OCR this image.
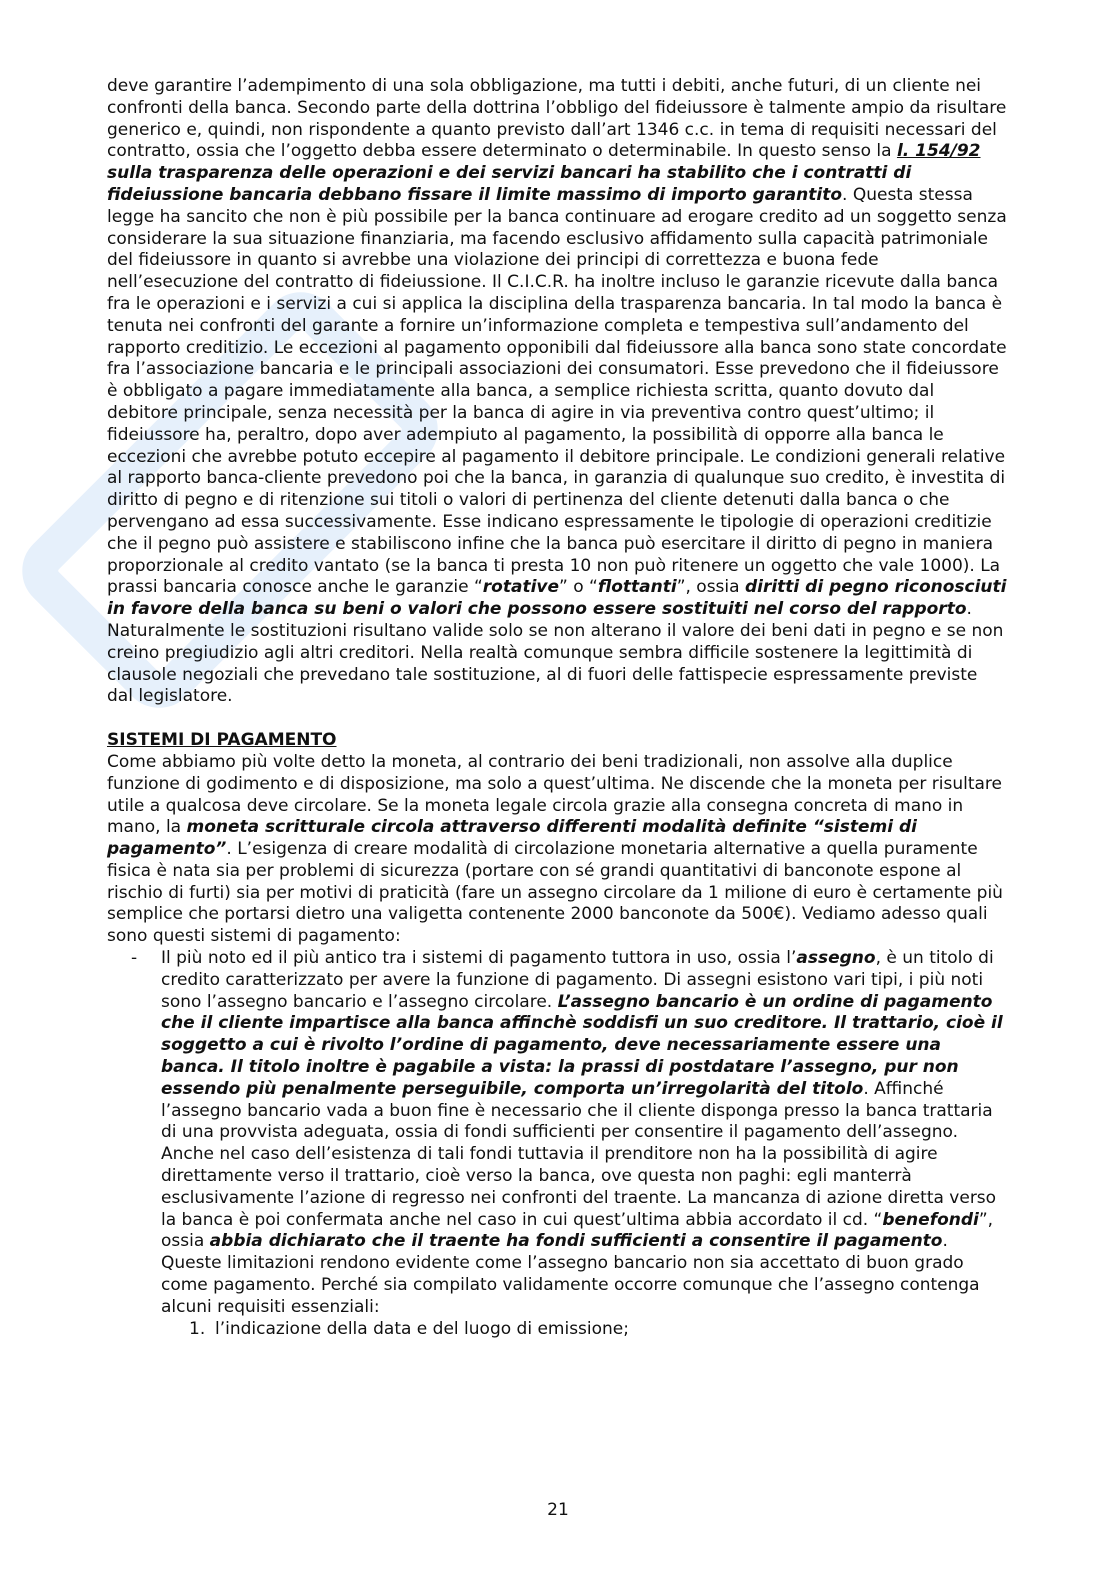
deve garantire l’adempimento di una sola obbligazione, ma tutti i debiti, anche futuri, di un cliente nei confronti della banca. Secondo parte della dottrina l’obbligo del fideiussore è talmente ampio da risultare generico e, quindi, non rispondente a quanto previsto dall’art 1346 c.c. in tema di requisiti necessari del contratto, ossia che l’oggetto debba essere determinato o determinabile. In questo senso la l. 154/92 sulla trasparenza delle operazioni e dei servizi bancari ha stabilito che i contratti di fideiussione bancaria debbano fissare il limite massimo di importo garantito. Questa stessa legge ha sancito che non è più possibile per la banca continuare ad erogare credito ad un soggetto senza considerare la sua situazione finanziaria, ma facendo esclusivo affidamento sulla capacità patrimoniale del fideiussore in quanto si avrebbe una violazione dei principi di correttezza e buona fede nell’esecuzione del contratto di fideiussione. Il C.I.C.R. ha inoltre incluso le garanzie ricevute dalla banca fra le operazioni e i servizi a cui si applica la disciplina della trasparenza bancaria. In tal modo la banca è tenuta nei confronti del garante a fornire un’informazione completa e tempestiva sull’andamento del rapporto creditizio. Le eccezioni al pagamento opponibili dal fideiussore alla banca sono state concordate fra l’associazione bancaria e le principali associazioni dei consumatori. Esse prevedono che il fideiussore è obbligato a pagare immediatamente alla banca, a semplice richiesta scritta, quanto dovuto dal debitore principale, senza necessità per la banca di agire in via preventiva contro quest’ultimo; il fideiussore ha, peraltro, dopo aver adempiuto al pagamento, la possibilità di opporre alla banca le eccezioni che avrebbe potuto eccepire al pagamento il debitore principale. Le condizioni generali relative al rapporto banca-cliente prevedono poi che la banca, in garanzia di qualunque suo credito, è investita di diritto di pegno e di ritenzione sui titoli o valori di pertinenza del cliente detenuti dalla banca o che pervengano ad essa successivamente. Esse indicano espressamente le tipologie di operazioni creditizie che il pegno può assistere e stabiliscono infine che la banca può esercitare il diritto di pegno in maniera proporzionale al credito vantato (se la banca ti presta 10 non può ritenere un oggetto che vale 1000). La prassi bancaria conosce anche le garanzie “rotative” o “flottanti”, ossia diritti di pegno riconosciuti in favore della banca su beni o valori che possono essere sostituiti nel corso del rapporto. Naturalmente le sostituzioni risultano valide solo se non alterano il valore dei beni dati in pegno e se non creino pregiudizio agli altri creditori. Nella realtà comunque sembra difficile sostenere la legittimità di clausole negoziali che prevedano tale sostituzione, al di fuori delle fattispecie espressamente previste dal legislatore.

SISTEMI DI PAGAMENTO

Come abbiamo più volte detto la moneta, al contrario dei beni tradizionali, non assolve alla duplice funzione di godimento e di disposizione, ma solo a quest’ultima. Ne discende che la moneta per risultare utile a qualcosa deve circolare. Se la moneta legale circola grazie alla consegna concreta di mano in mano, la moneta scritturale circola attraverso differenti modalità definite “sistemi di pagamento”. L’esigenza di creare modalità di circolazione monetaria alternative a quella puramente fisica è nata sia per problemi di sicurezza (portare con sé grandi quantitativi di banconote espone al rischio di furti) sia per motivi di praticità (fare un assegno circolare da 1 milione di euro è certamente più semplice che portarsi dietro una valigetta contenente 2000 banconote da 500€). Vediamo adesso quali sono questi sistemi di pagamento:

- Il più noto ed il più antico tra i sistemi di pagamento tuttora in uso, ossia l’assegno, è un titolo di credito caratterizzato per avere la funzione di pagamento. Di assegni esistono vari tipi, i più noti sono l’assegno bancario e l’assegno circolare. L’assegno bancario è un ordine di pagamento che il cliente impartisce alla banca affinchè soddisfi un suo creditore. Il trattario, cioè il soggetto a cui è rivolto l’ordine di pagamento, deve necessariamente essere una banca. Il titolo inoltre è pagabile a vista: la prassi di postdatare l’assegno, pur non essendo più penalmente perseguibile, comporta un’irregolarità del titolo. Affinché l’assegno bancario vada a buon fine è necessario che il cliente disponga presso la banca trattaria di una provvista adeguata, ossia di fondi sufficienti per consentire il pagamento dell’assegno. Anche nel caso dell’esistenza di tali fondi tuttavia il prenditore non ha la possibilità di agire direttamente verso il trattario, cioè verso la banca, ove questa non paghi: egli manterrà esclusivamente l’azione di regresso nei confronti del traente. La mancanza di azione diretta verso la banca è poi confermata anche nel caso in cui quest’ultima abbia accordato il cd. “benefondi”, ossia abbia dichiarato che il traente ha fondi sufficienti a consentire il pagamento. Queste limitazioni rendono evidente come l’assegno bancario non sia accettato di buon grado come pagamento. Perché sia compilato validamente occorre comunque che l’assegno contenga alcuni requisiti essenziali:
1. l’indicazione della data e del luogo di emissione;
21
